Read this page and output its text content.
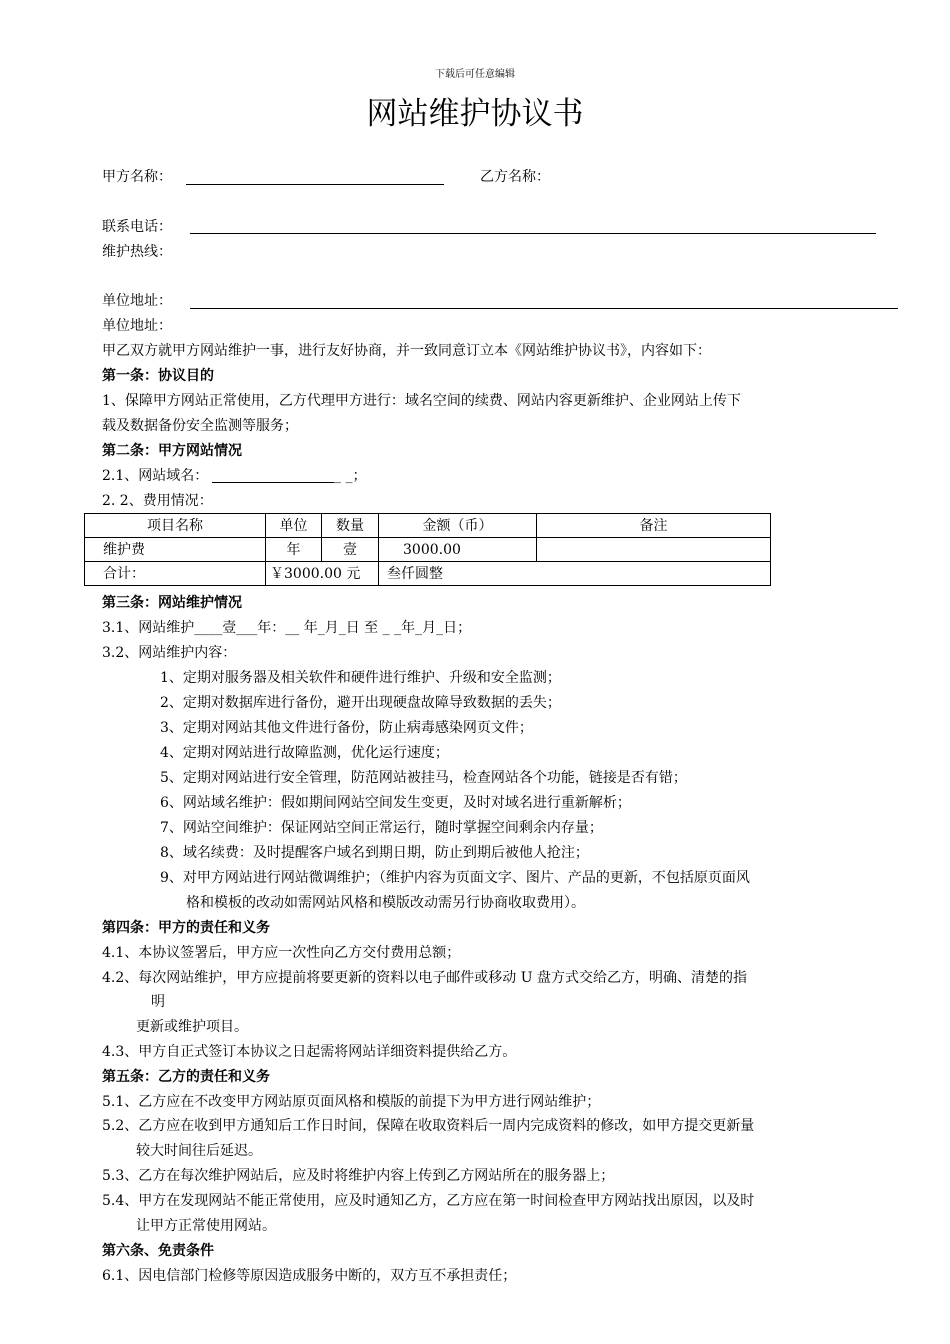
下载后可任意编辑
网站维护协议书
甲方名称：	乙方名称：
联系电话：
维护热线：
单位地址：
单位地址：
甲乙双方就甲方网站维护一事，进行友好协商，并一致同意订立本《网站维护协议书》，内容如下：
第一条：协议目的
1、保障甲方网站正常使用，乙方代理甲方进行：域名空间的续费、网站内容更新维护、企业网站上传下
载及数据备份安全监测等服务；
第二条：甲方网站情况
2.1、网站域名：	_ _；
2. 2、费用情况：
项目名称	单位	数量	金额（币）	备注
维护费	年	壹	3000.00	
合计：	￥3000.00 元		叁仟圆整	
第三条：网站维护情况
3.1、网站维护____壹___年：__ 年_月_日 至 _ _年_月_日；
3.2、网站维护内容：
1、定期对服务器及相关软件和硬件进行维护、升级和安全监测；
2、定期对数据库进行备份，避开出现硬盘故障导致数据的丢失；
3、定期对网站其他文件进行备份，防止病毒感染网页文件；
4、定期对网站进行故障监测，优化运行速度；
5、定期对网站进行安全管理，防范网站被挂马，检查网站各个功能，链接是否有错；
6、网站域名维护：假如期间网站空间发生变更，及时对域名进行重新解析；
7、网站空间维护：保证网站空间正常运行，随时掌握空间剩余内存量；
8、域名续费：及时提醒客户域名到期日期，防止到期后被他人抢注；
9、对甲方网站进行网站微调维护；（维护内容为页面文字、图片、产品的更新，不包括原页面风
格和模板的改动如需网站风格和模版改动需另行协商收取费用）。
第四条：甲方的责任和义务
4.1、本协议签署后，甲方应一次性向乙方交付费用总额；
4.2、每次网站维护，甲方应提前将要更新的资料以电子邮件或移动 U 盘方式交给乙方，明确、清楚的指
明
更新或维护项目。
4.3、甲方自正式签订本协议之日起需将网站详细资料提供给乙方。
第五条：乙方的责任和义务
5.1、乙方应在不改变甲方网站原页面风格和模版的前提下为甲方进行网站维护；
5.2、乙方应在收到甲方通知后工作日时间，保障在收取资料后一周内完成资料的修改，如甲方提交更新量
较大时间往后延迟。
5.3、乙方在每次维护网站后，应及时将维护内容上传到乙方网站所在的服务器上；
5.4、甲方在发现网站不能正常使用，应及时通知乙方，乙方应在第一时间检查甲方网站找出原因，以及时
让甲方正常使用网站。
第六条、免责条件
6.1、因电信部门检修等原因造成服务中断的，双方互不承担责任；
